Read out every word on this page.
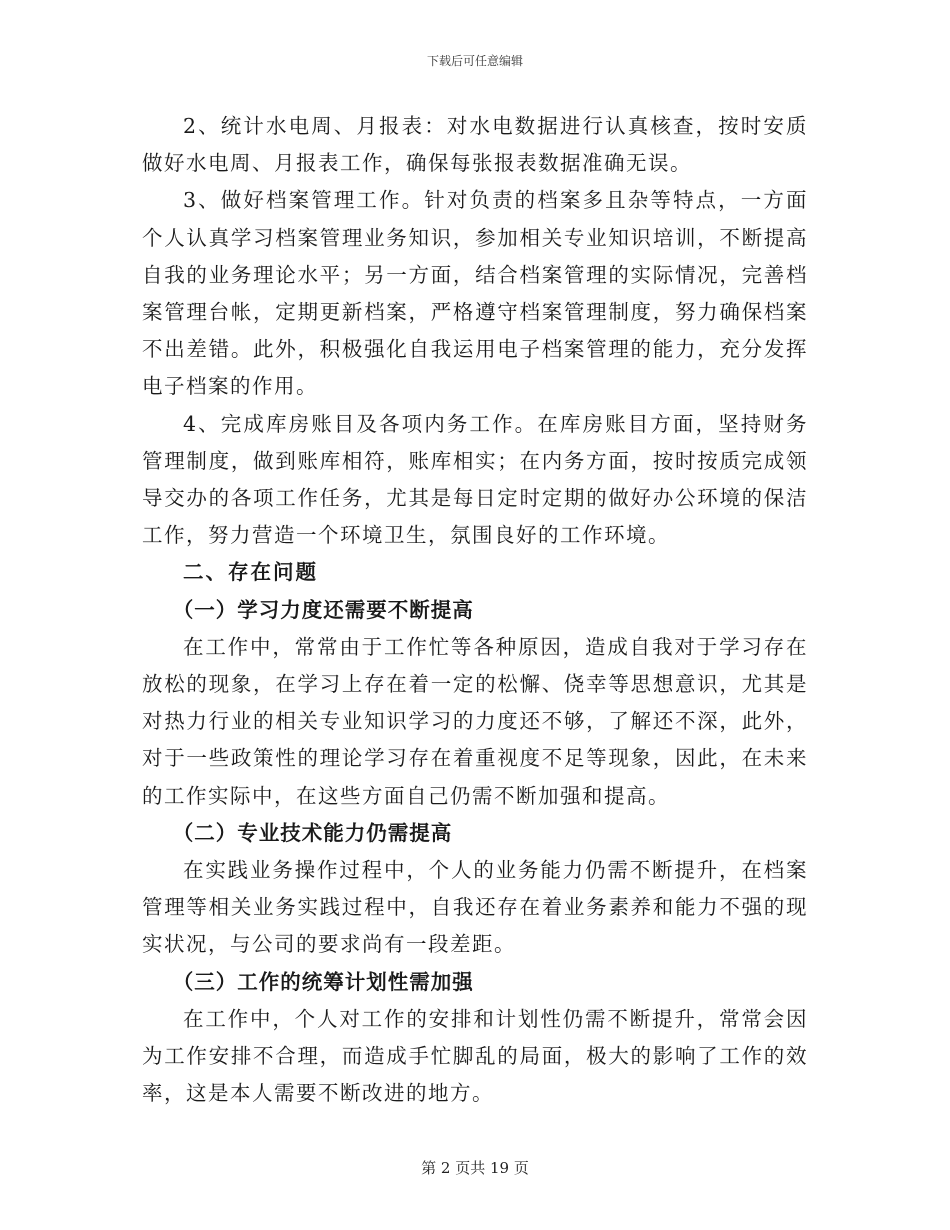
下载后可任意编辑

2、统计水电周、月报表：对水电数据进行认真核查，按时安质做好水电周、月报表工作，确保每张报表数据准确无误。

3、做好档案管理工作。针对负责的档案多且杂等特点，一方面个人认真学习档案管理业务知识，参加相关专业知识培训，不断提高自我的业务理论水平；另一方面，结合档案管理的实际情况，完善档案管理台帐，定期更新档案，严格遵守档案管理制度，努力确保档案不出差错。此外，积极强化自我运用电子档案管理的能力，充分发挥电子档案的作用。

4、完成库房账目及各项内务工作。在库房账目方面，坚持财务管理制度，做到账库相符，账库相实；在内务方面，按时按质完成领导交办的各项工作任务，尤其是每日定时定期的做好办公环境的保洁工作，努力营造一个环境卫生，氛围良好的工作环境。

二、存在问题

（一）学习力度还需要不断提高

在工作中，常常由于工作忙等各种原因，造成自我对于学习存在放松的现象，在学习上存在着一定的松懈、侥幸等思想意识，尤其是对热力行业的相关专业知识学习的力度还不够，了解还不深，此外，对于一些政策性的理论学习存在着重视度不足等现象，因此，在未来的工作实际中，在这些方面自己仍需不断加强和提高。

（二）专业技术能力仍需提高

在实践业务操作过程中，个人的业务能力仍需不断提升，在档案管理等相关业务实践过程中，自我还存在着业务素养和能力不强的现实状况，与公司的要求尚有一段差距。

（三）工作的统筹计划性需加强

在工作中，个人对工作的安排和计划性仍需不断提升，常常会因为工作安排不合理，而造成手忙脚乱的局面，极大的影响了工作的效率，这是本人需要不断改进的地方。

第 2 页共 19 页
